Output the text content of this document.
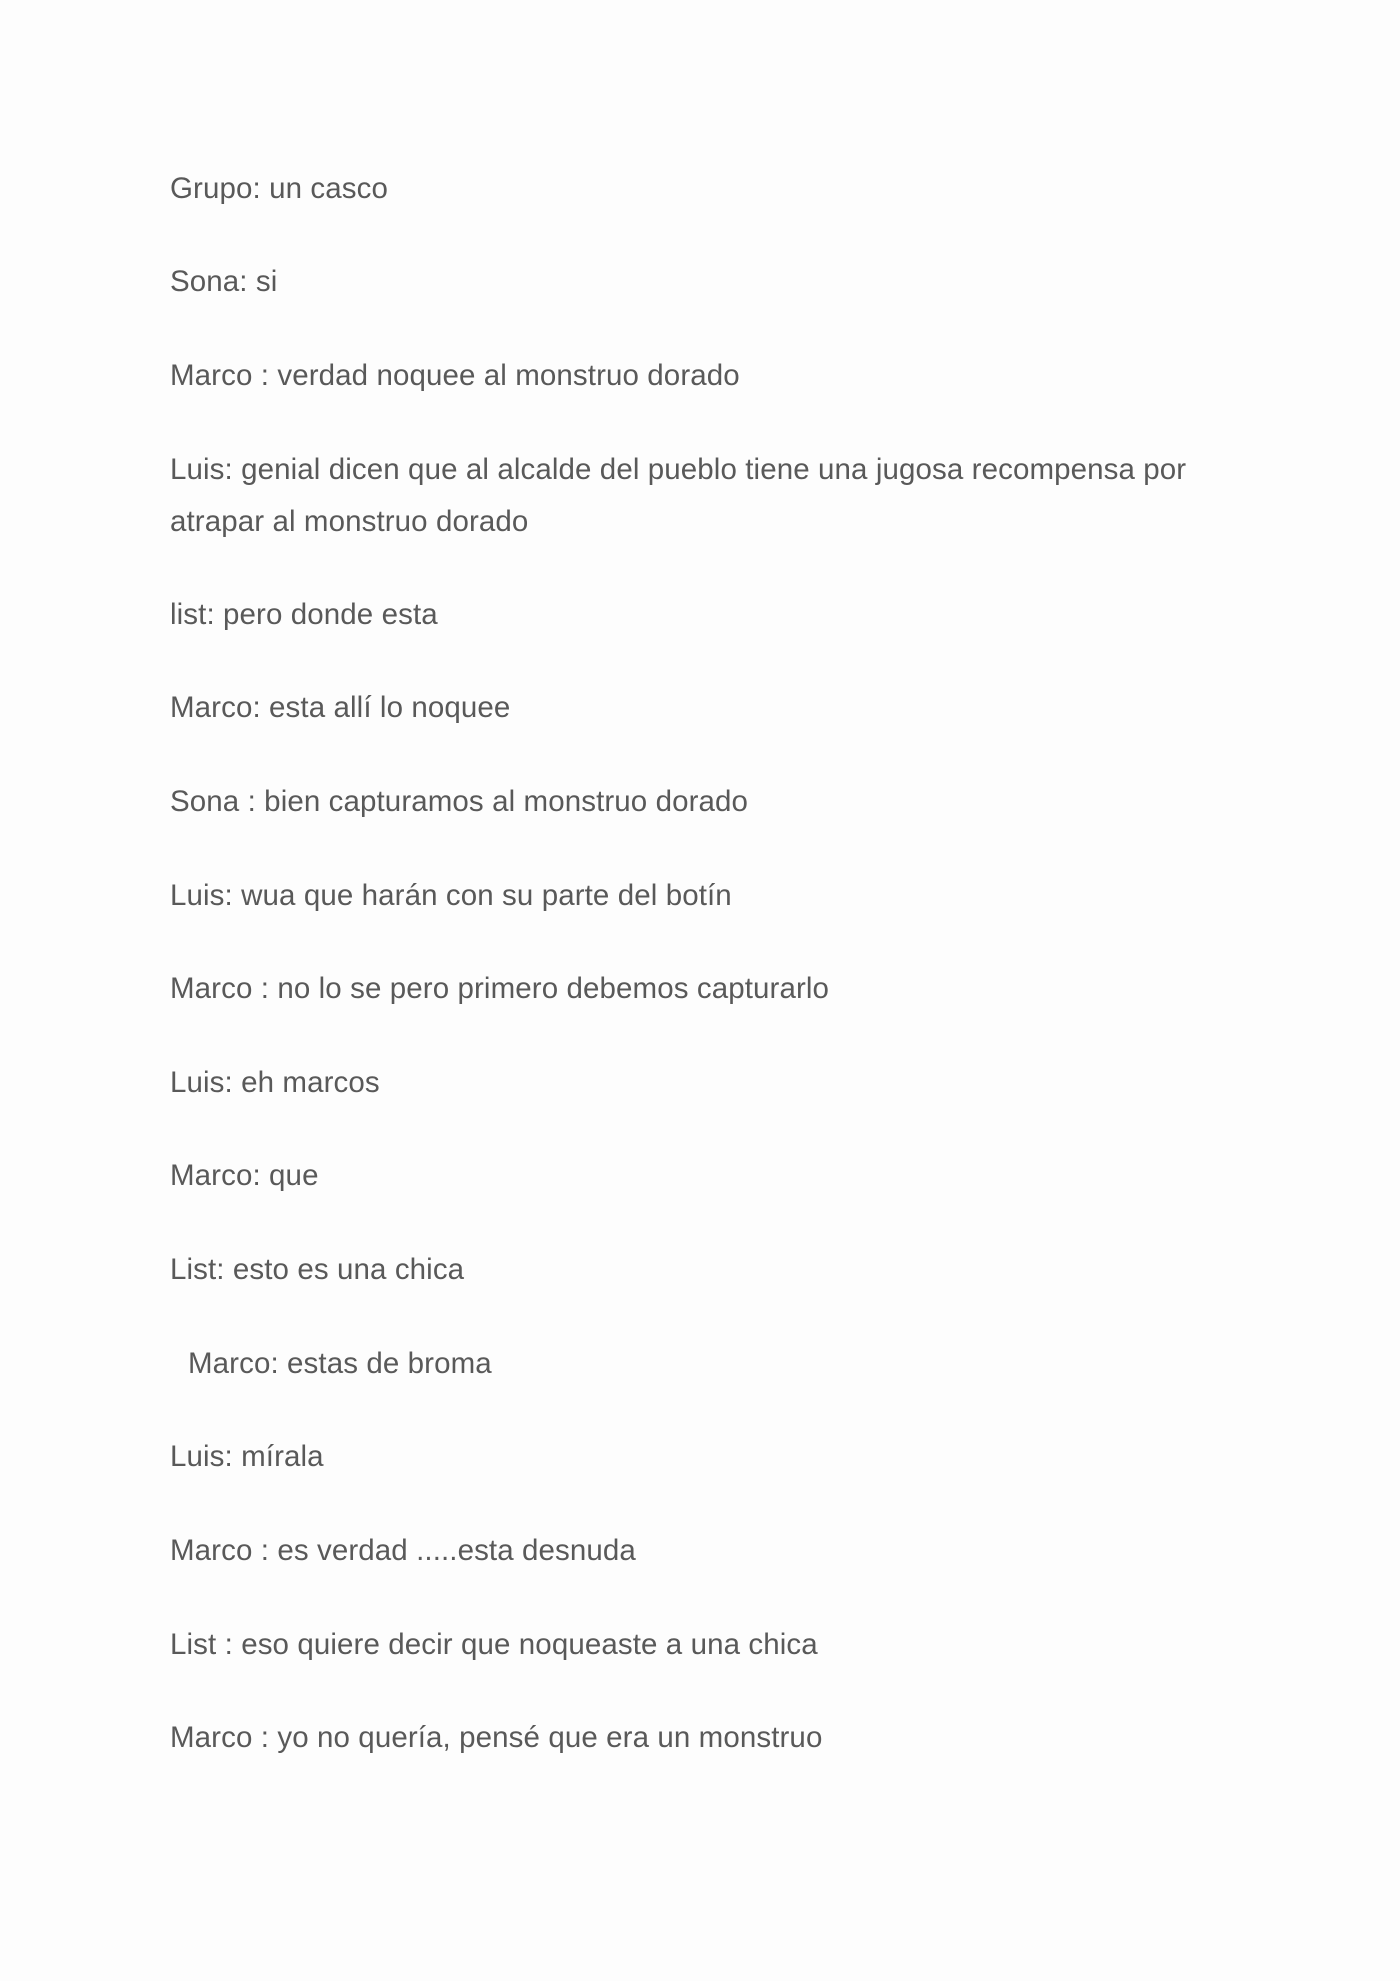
Grupo: un casco

Sona: si

Marco : verdad noquee al monstruo dorado

Luis: genial dicen que al alcalde del pueblo tiene una jugosa recompensa por atrapar al monstruo dorado

list: pero donde esta

Marco: esta allí lo noquee

Sona : bien capturamos al monstruo dorado

Luis: wua que harán con su parte del botín

Marco : no lo se pero primero debemos capturarlo

Luis: eh marcos

Marco: que

List: esto es una chica

Marco: estas de broma

Luis: mírala

Marco : es verdad .....esta desnuda

List : eso quiere decir que noqueaste a una chica

Marco : yo no quería, pensé que era un monstruo
